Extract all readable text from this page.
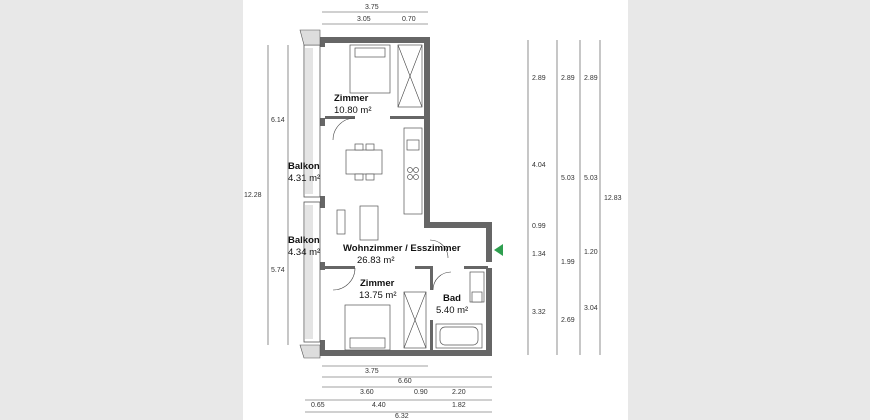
Zimmer
10.80 m²
Balkon
4.31 m²
Balkon
4.34 m² Wohnzimmer / Esszimmer
26.83 m²
Zimmer
13.75 m²	Bad
5.40 m²
3.75
3.05	0.70
6.14
12.28
5.74
3.75
6.60
3.60	0.90	2.20
0.65	4.40	1.82
6.32
2.89
4.04
0.99
1.34
3.32
2.89
5.03
1.99
2.69
2.89
5.03
1.20
3.04
12.83
